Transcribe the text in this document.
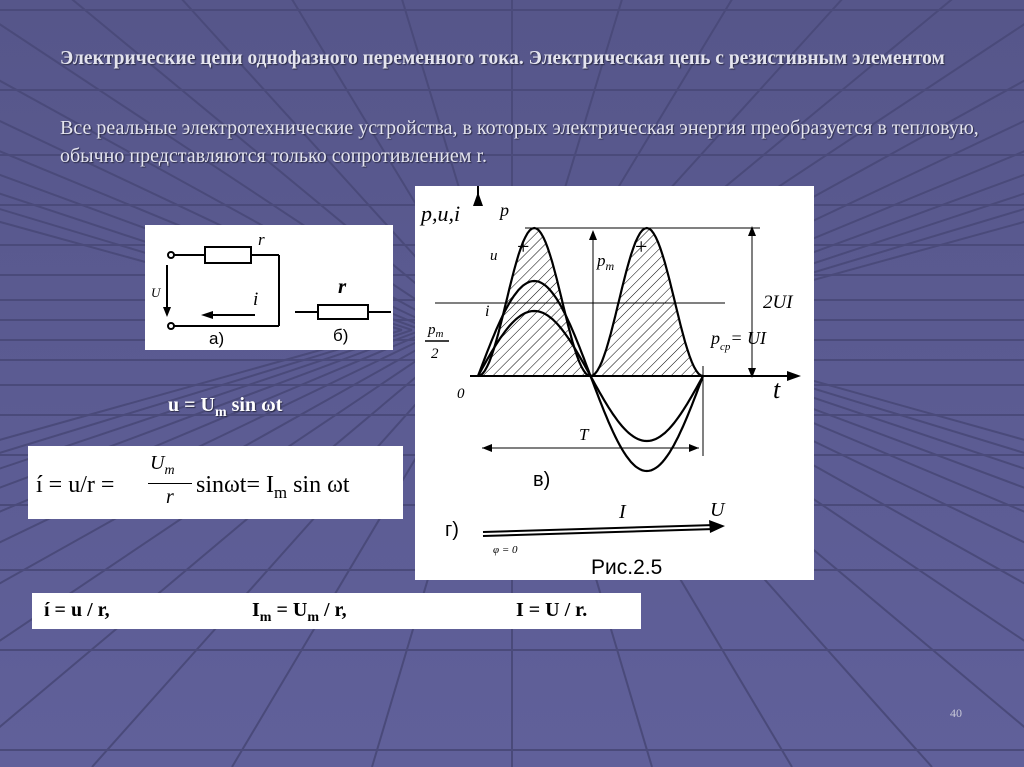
Электрические цепи однофазного переменного тока. Электрическая цепь с резистивным элементом
Все реальные электротехнические устройства, в которых электрическая энергия преобразуется в тепловую, обычно представляются только сопротивлением r.
r
U	i
а)
r
б)
p,u,i p
u
i
$p_m$
$p_m$
2
0	t
T
2UI
$p_{ср}=$ UI
+	+
в)
г)
I	U
φ = 0
Рис.2.5
$u = U_m$ sin ωt
í = u/r =
$U_m$
r $\sin\omega t= I_m$ sin ωt
í = u / r,	$I_m = U_m / r$,	I = U / r.
40
